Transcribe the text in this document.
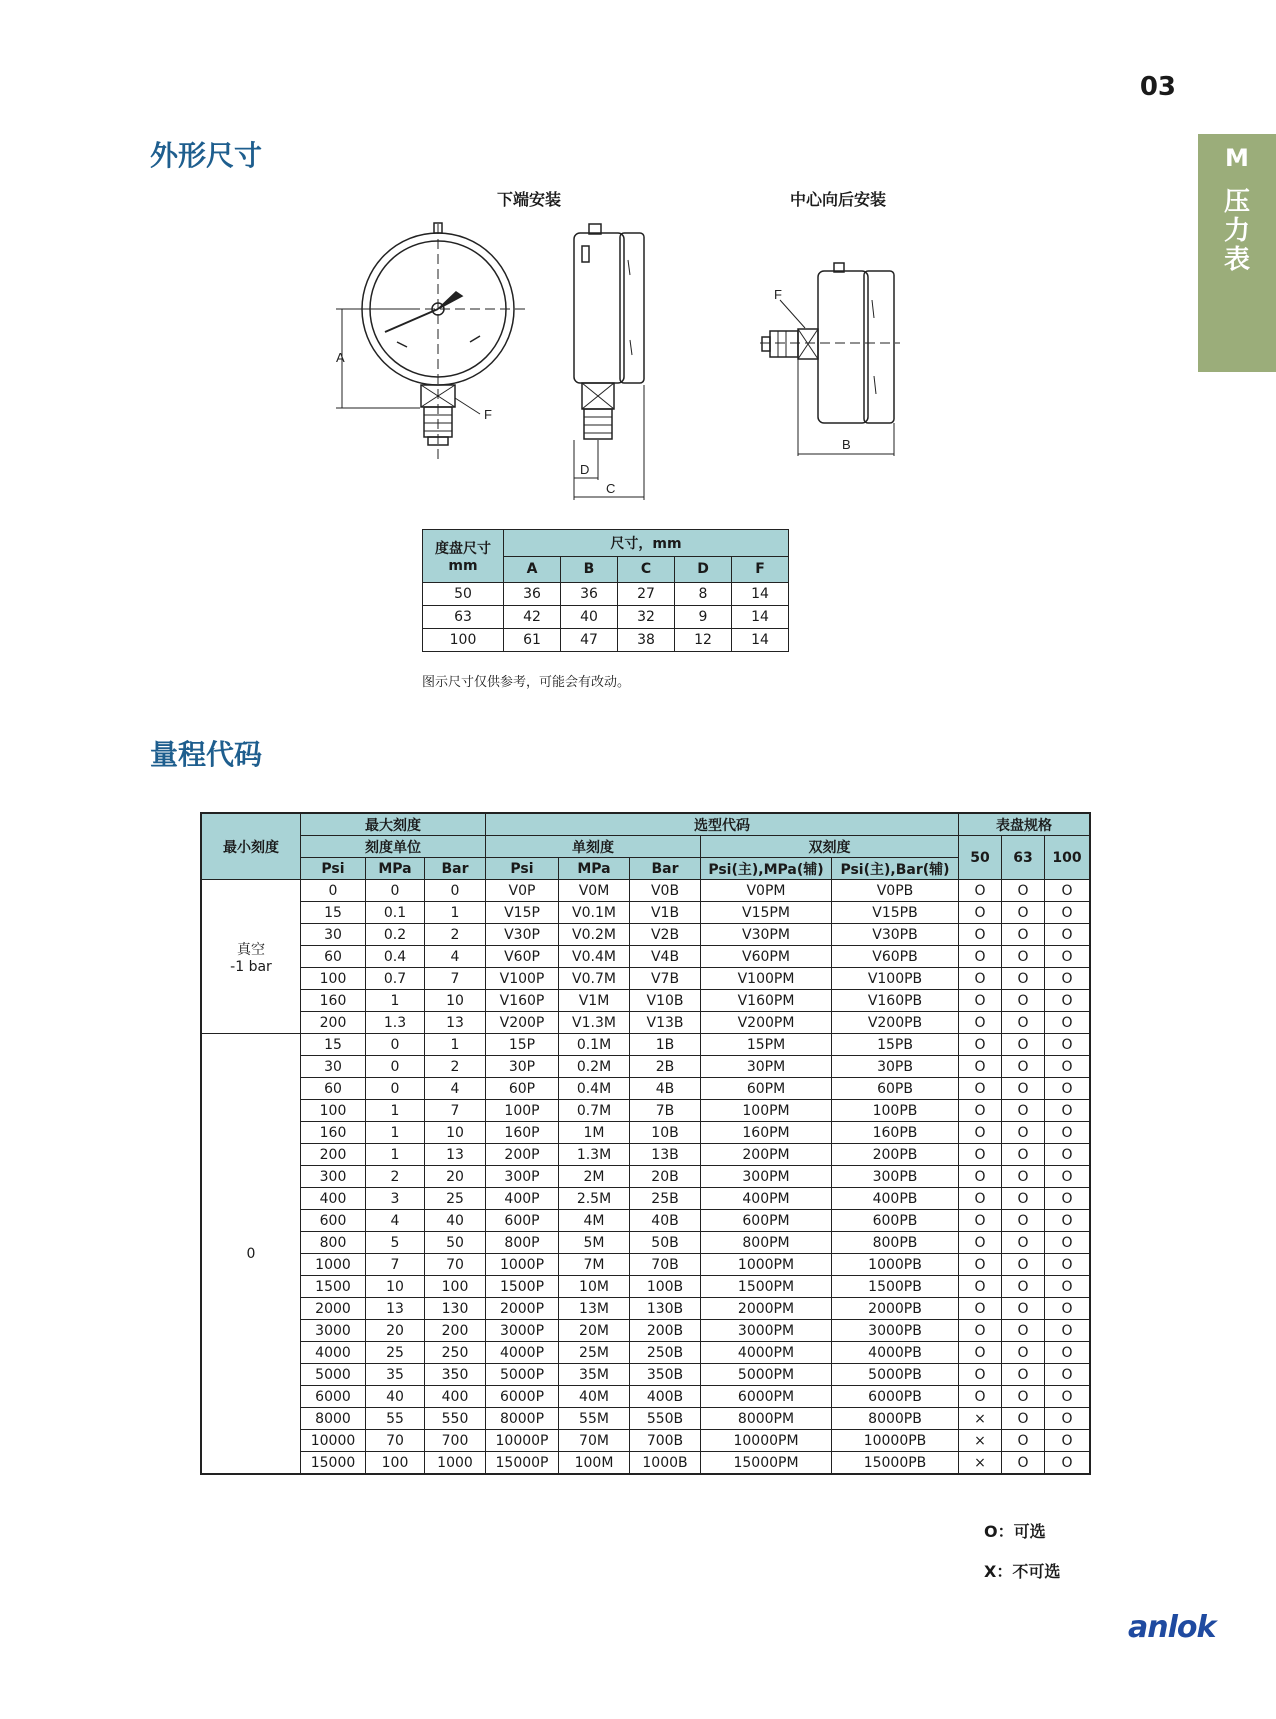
03
M
压
力
表
外形尺寸
下端安装	中心向后安装
A
F
D
C
F
B
度盘尺寸
mm	尺寸，mm				
	A	B	C	D	F
50	36	36	27	8	14
63	42	40	32	9	14
100	61	47	38	12	14
图示尺寸仅供参考，可能会有改动。
量程代码
最小刻度	最大刻度			选型代码					表盘规格		
	刻度单位			单刻度			双刻度		50	63	100
	Psi	MPa	Bar	Psi	MPa	Bar	Psi(主),MPa(辅)	Psi(主),Bar(辅)			

真空
-1 bar	0	0	0	V0P	V0M	V0B	V0PM	V0PB	O	O	O
	15	0.1	1	V15P	V0.1M	V1B	V15PM	V15PB	O	O	O
	30	0.2	2	V30P	V0.2M	V2B	V30PM	V30PB	O	O	O
	60	0.4	4	V60P	V0.4M	V4B	V60PM	V60PB	O	O	O
	100	0.7	7	V100P	V0.7M	V7B	V100PM	V100PB	O	O	O
	160	1	10	V160P	V1M	V10B	V160PM	V160PB	O	O	O
	200	1.3	13	V200P	V1.3M	V13B	V200PM	V200PB	O	O	O

0	15	0	1	15P	0.1M	1B	15PM	15PB	O	O	O
	30	0	2	30P	0.2M	2B	30PM	30PB	O	O	O
	60	0	4	60P	0.4M	4B	60PM	60PB	O	O	O
	100	1	7	100P	0.7M	7B	100PM	100PB	O	O	O
	160	1	10	160P	1M	10B	160PM	160PB	O	O	O
	200	1	13	200P	1.3M	13B	200PM	200PB	O	O	O
	300	2	20	300P	2M	20B	300PM	300PB	O	O	O
	400	3	25	400P	2.5M	25B	400PM	400PB	O	O	O
	600	4	40	600P	4M	40B	600PM	600PB	O	O	O
	800	5	50	800P	5M	50B	800PM	800PB	O	O	O
	1000	7	70	1000P	7M	70B	1000PM	1000PB	O	O	O
	1500	10	100	1500P	10M	100B	1500PM	1500PB	O	O	O
	2000	13	130	2000P	13M	130B	2000PM	2000PB	O	O	O
	3000	20	200	3000P	20M	200B	3000PM	3000PB	O	O	O
	4000	25	250	4000P	25M	250B	4000PM	4000PB	O	O	O
	5000	35	350	5000P	35M	350B	5000PM	5000PB	O	O	O
	6000	40	400	6000P	40M	400B	6000PM	6000PB	O	O	O
	8000	55	550	8000P	55M	550B	8000PM	8000PB	×	O	O
	10000	70	700	10000P	70M	700B	10000PM	10000PB	×	O	O
	15000	100	1000	15000P	100M	1000B	15000PM	15000PB	×	O	O
O：可选
X：不可选
anlok
